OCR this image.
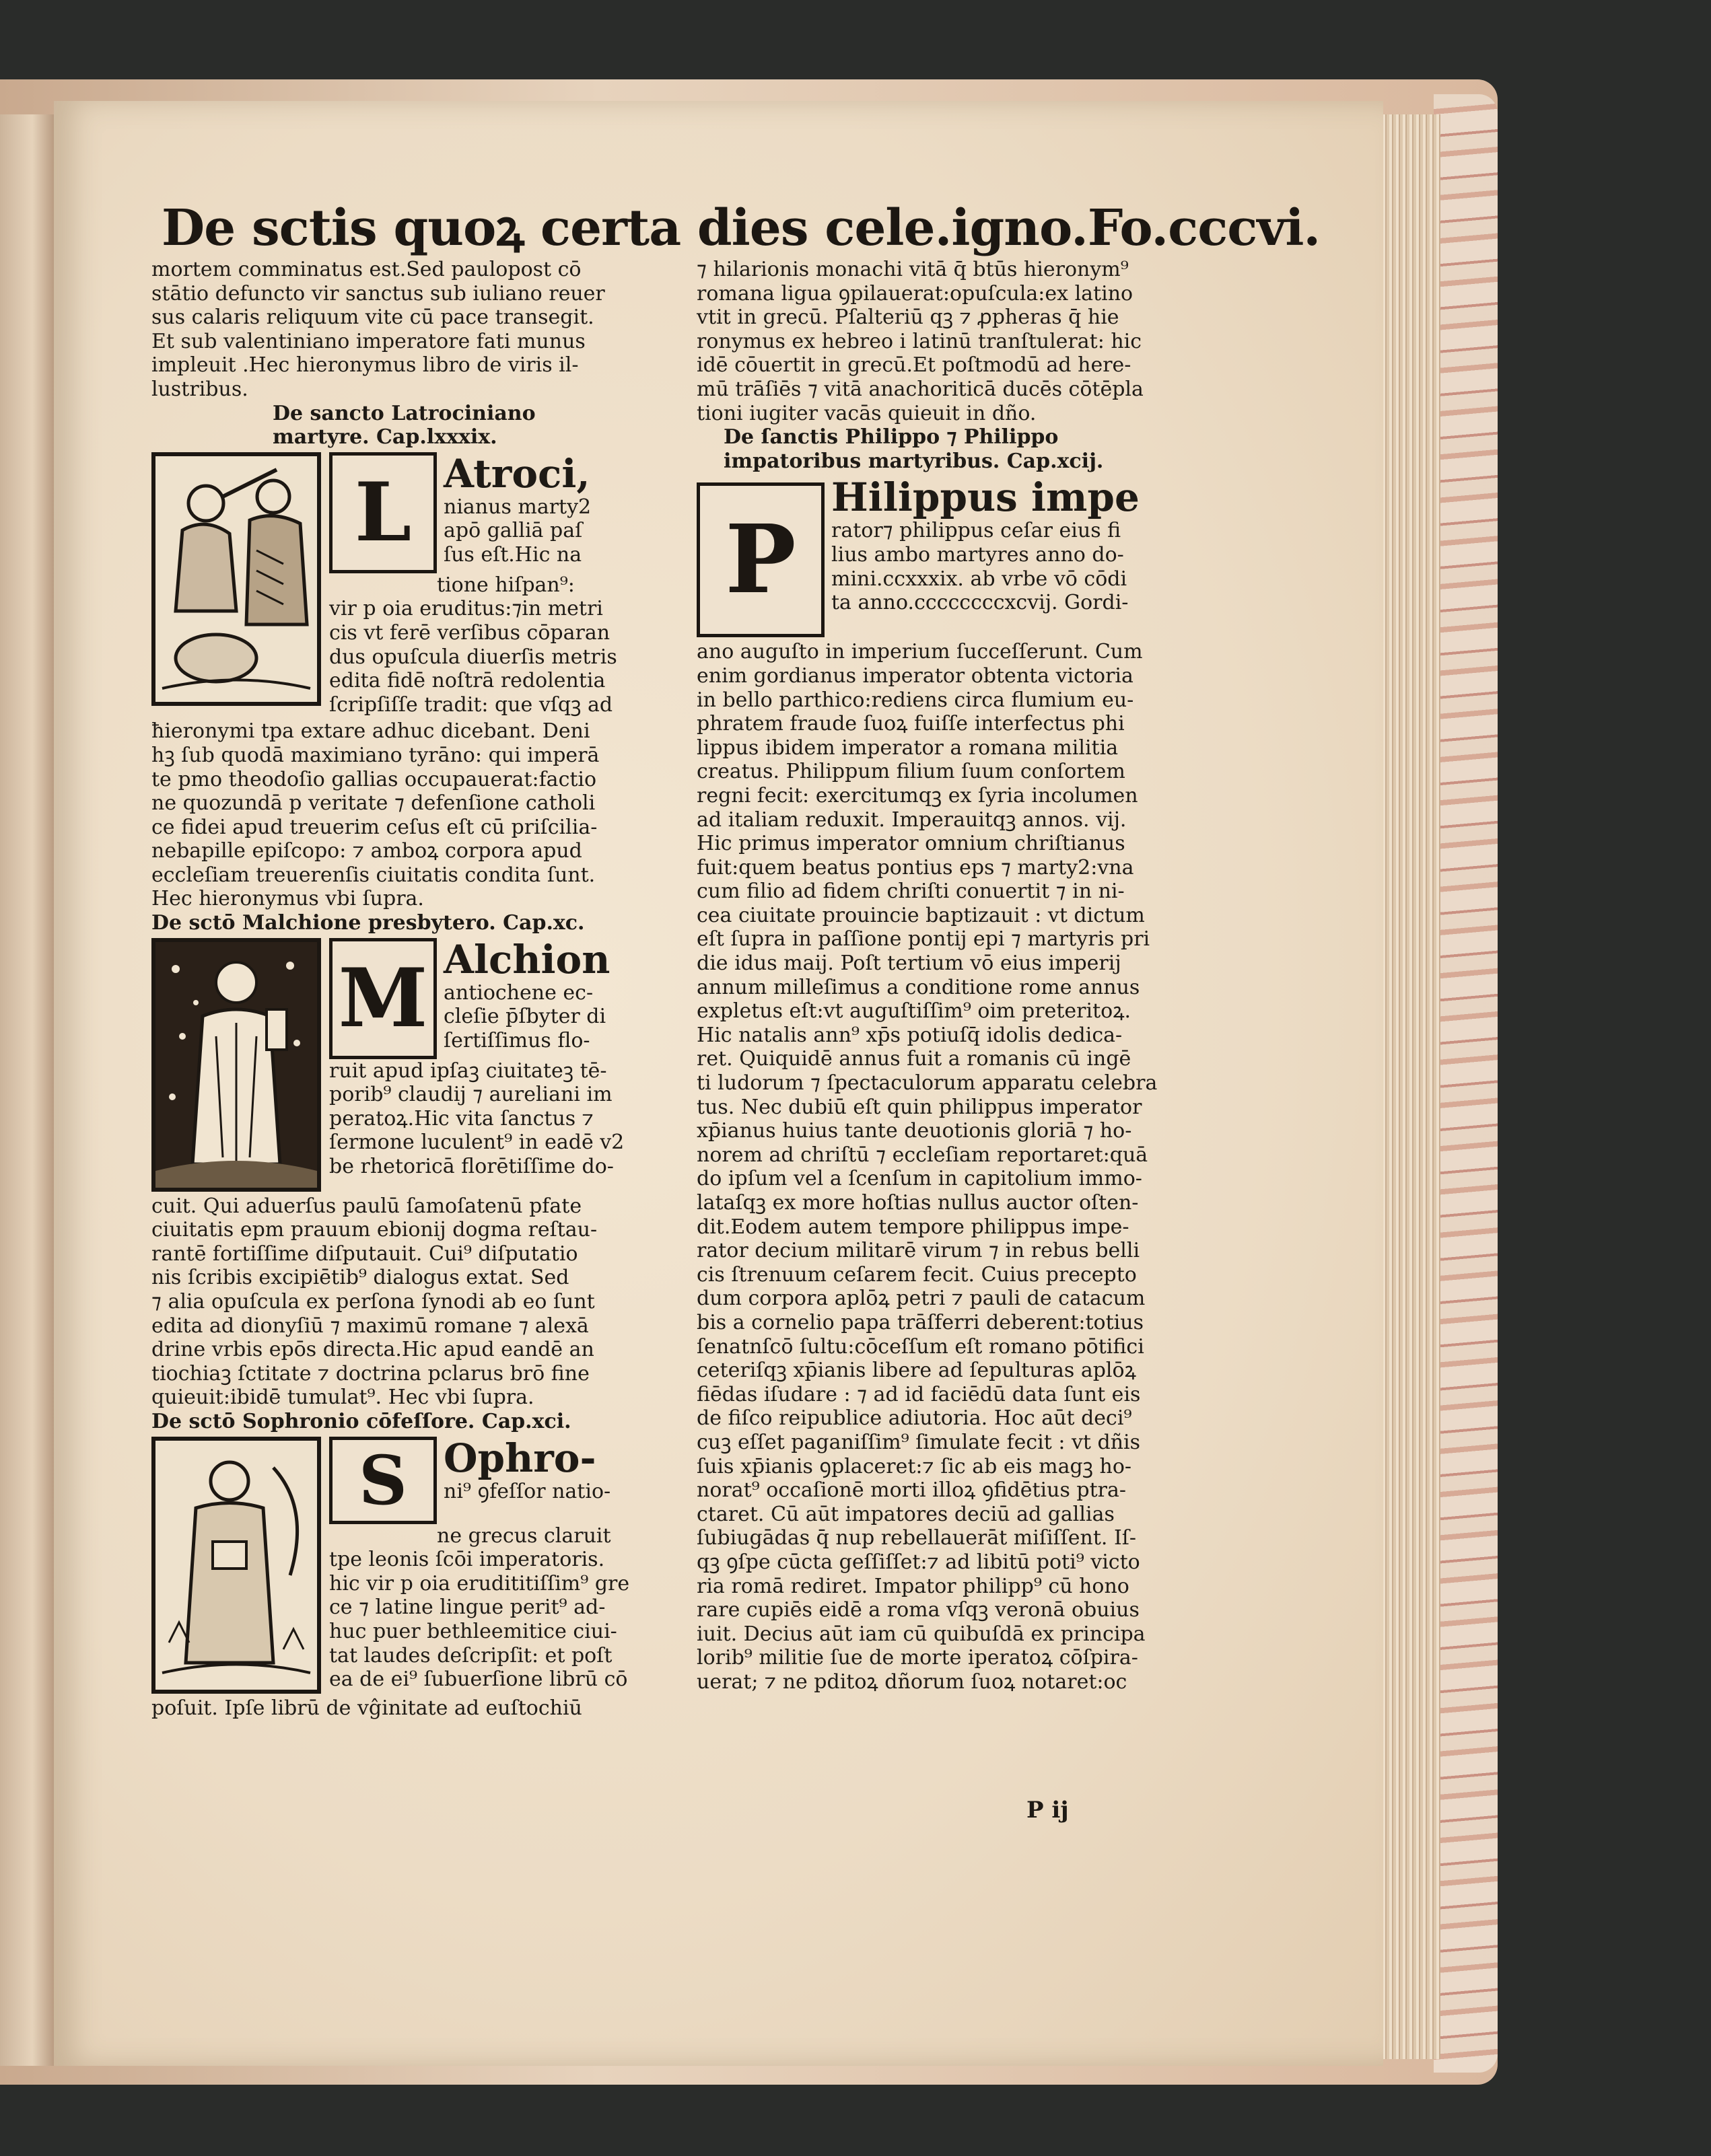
De sctis quoꝝ certa dies cele.igno.Fo.cccvi.
mortem comminatus est.Sed paulopost cō
stātio defuncto vir sanctus sub iuliano reuer
sus calaris reliquum vite cū pace transegit.
Et sub valentiniano imperatore fati munus
impleuit .Hec hieronymus libro de viris il-
lustribus.
De sancto Latrociniano
martyre. Cap.lxxxix.
L Atroci,
nianus marty2
apō galliā paſ
ſus eſt.Hic na
tione hiſpan⁹:
vir p oia eruditus:⁊in metri
cis vt ferē verſibus cōparan
dus opuſcula diuerſis metris
edita fidē noſtrā redolentia
ſcripſiſſe tradit: que vſqꝫ ad
ħieronymi tpa extare adhuc dicebant. Deni
hꝫ ſub quodā maximiano tyrāno: qui imperā
te pmo theodoſio gallias occupauerat:factio
ne quozundā p veritate ⁊ defenſione catholi
ce fidei apud treuerim ceſus eſt cū priſcilia-
nebapille epiſcopo: ⁊ amboꝝ corpora apud
eccleſiam treuerenſis ciuitatis condita ſunt.
Hec hieronymus vbi ſupra.
De sctō Malchione presbytero. Cap.xc.
M Alchion
antiochene ec-
cleſie p̄ſbyter di
ſertiſſimus flo-
ruit apud ipſaꝫ ciuitateꝫ tē-
porib⁹ claudij ⁊ aureliani im
peratoꝝ.Hic vita ſanctus ⁊
ſermone luculent⁹ in eadē v2
be rhetoricā florētiſſime do-
cuit. Qui aduerſus paulū ſamoſatenū pfate
ciuitatis epm prauum ebionij dogma reſtau-
rantē fortiſſime diſputauit. Cui⁹ diſputatio
nis ſcribis excipiētib⁹ dialogus extat. Sed
⁊ alia opuſcula ex perſona ſynodi ab eo ſunt
edita ad dionyſiū ⁊ maximū romane ⁊ alexā
drine vrbis epōs directa.Hic apud eandē an
tiochiaꝫ ſctitate ⁊ doctrina pclarus brō fine
quieuit:ibidē tumulat⁹. Hec vbi ſupra.
De sctō Sophronio cōfeſſore. Cap.xci.
S Ophro-
ni⁹ ꝯfeſſor natio-
ne grecus claruit
tpe leonis ſcōi imperatoris.
hic vir p oia erudititiſſim⁹ gre
ce ⁊ latine lingue perit⁹ ad-
huc puer bethleemitice ciui-
tat laudes deſcripſit: et poſt
ea de ei⁹ ſubuerſione librū cō
poſuit. Ipſe librū de vĝinitate ad euſtochiū
⁊ hilarionis monachi vitā q̄ btūs hieronym⁹
romana ligua ꝯpilauerat:opuſcula:ex latino
vtit in grecū. Pſalteriū qꝫ ⁊ ꝓpheras q̄ hie
ronymus ex hebreo i latinū tranſtulerat: hic
idē cōuertit in grecū.Et poſtmodū ad here-
mū trāſiēs ⁊ vitā anachoriticā ducēs cōtēpla
tioni iugiter vacās quieuit in dño.
De ſanctis Philippo ⁊ Philippo
impatoribus martyribus. Cap.xcij.
P
Hilippus impe
rator⁊ philippus ceſar eius fi
lius ambo martyres anno do-
mini.ccxxxix. ab vrbe vō cōdi
ta anno.ccccccccxcvij. Gordi-
ano auguſto in imperium ſucceſſerunt. Cum
enim gordianus imperator obtenta victoria
in bello parthico:rediens circa flumium eu-
phratem fraude ſuoꝝ fuiſſe interfectus phi
lippus ibidem imperator a romana militia
creatus. Philippum filium ſuum conſortem
regni fecit: exercitumqꝫ ex ſyria incolumen
ad italiam reduxit. Imperauitqꝫ annos. vij.
Hic primus imperator omnium chriſtianus
fuit:quem beatus pontius eps ⁊ marty2:vna
cum filio ad fidem chriſti conuertit ⁊ in ni-
cea ciuitate prouincie baptizauit : vt dictum
eſt ſupra in paſſione pontij epi ⁊ martyris pri
die idus maij. Poſt tertium vō eius imperij
annum milleſimus a conditione rome annus
expletus eſt:vt auguſtiſſim⁹ oim preteritoꝝ.
Hic natalis ann⁹ xp̄s potiuſq̄ idolis dedica-
ret. Quiquidē annus fuit a romanis cū ingē
ti ludorum ⁊ ſpectaculorum apparatu celebra
tus. Nec dubiū eſt quin philippus imperator
xp̄ianus huius tante deuotionis gloriā ⁊ ho-
norem ad chriſtū ⁊ eccleſiam reportaret:quā
do ipſum vel a ſcenſum in capitolium immo-
lataſqꝫ ex more hoſtias nullus auctor oſten-
dit.Eodem autem tempore philippus impe-
rator decium militarē virum ⁊ in rebus belli
cis ſtrenuum ceſarem fecit. Cuius precepto
dum corpora aplōꝝ petri ⁊ pauli de catacum
bis a cornelio papa trāſferri deberent:totius
ſenatnſcō ſultu:cōceſſum eſt romano pōtifici
ceteriſqꝫ xp̄ianis libere ad ſepulturas aplōꝝ
fiēdas iſudare : ⁊ ad id faciēdū data ſunt eis
de fiſco reipublice adiutoria. Hoc aūt deci⁹
cuꝫ eſſet paganiſſim⁹ ſimulate fecit : vt dñis
ſuis xp̄ianis ꝯplaceret:⁊ ſic ab eis magꝫ ho-
norat⁹ occaſionē morti illoꝝ ꝯfidētius ptra-
ctaret. Cū aūt impatores deciū ad gallias
ſubiugādas q̄ nup rebellauerāt miſiſſent. Iſ-
qꝫ ꝯſpe cūcta geſſiſſet:⁊ ad libitū poti⁹ victo
ria romā rediret. Impator philipp⁹ cū hono
rare cupiēs eidē a roma vſqꝫ veronā obuius
iuit. Decius aūt iam cū quibuſdā ex principa
lorib⁹ militie ſue de morte iperatoꝝ cōſpira-
uerat; ⁊ ne pditoꝝ dñorum ſuoꝝ notaret:oc
P ij
